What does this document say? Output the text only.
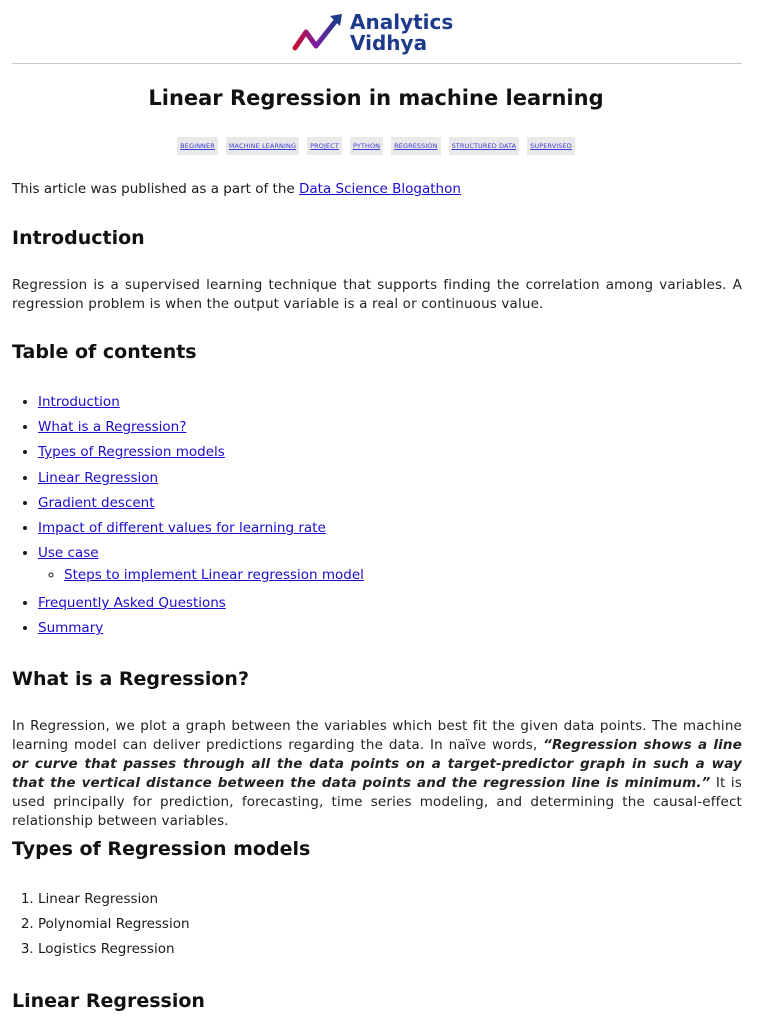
Analytics
Vidhya
Linear Regression in machine learning
BEGINNER	MACHINE LEARNING	PROJECT	PYTHON	REGRESSION	STRUCTURED DATA	SUPERVISED

This article was published as a part of the Data Science Blogathon

Introduction

Regression is a supervised learning technique that supports finding the correlation among variables. A regression problem is when the output variable is a real or continuous value.

Table of contents
• Introduction
• What is a Regression?
• Types of Regression models
• Linear Regression
• Gradient descent
• Impact of different values for learning rate
• Use case
◦ Steps to implement Linear regression model
• Frequently Asked Questions
• Summary
What is a Regression?

In Regression, we plot a graph between the variables which best fit the given data points. The machine learning model can deliver predictions regarding the data. In naïve words, “Regression shows a line or curve that passes through all the data points on a target-predictor graph in such a way that the vertical distance between the data points and the regression line is minimum.” It is used principally for prediction, forecasting, time series modeling, and determining the causal-effect relationship between variables.

Types of Regression models
1. Linear Regression
2. Polynomial Regression
3. Logistics Regression
Linear Regression
